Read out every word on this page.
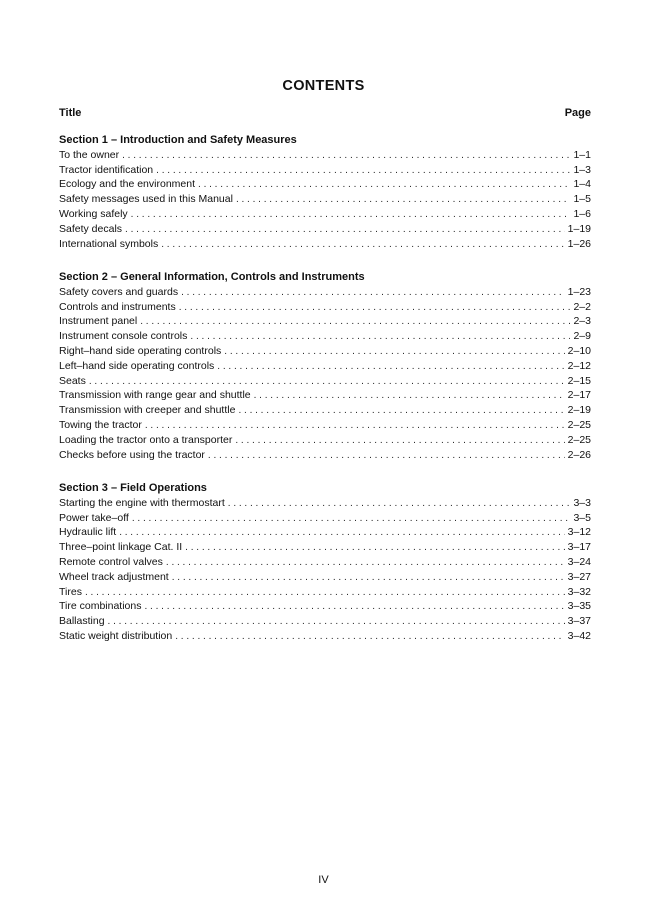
CONTENTS
Title	Page
Section 1 – Introduction and Safety Measures
To the owner . . .	1–1
Tractor identification . . .	1–3
Ecology and the environment . . .	1–4
Safety messages used in this Manual . . .	1–5
Working safely . . .	1–6
Safety decals . . .	1–19
International symbols . . .	1–26
Section 2 – General Information, Controls and Instruments
Safety covers and guards . . .	1–23
Controls and instruments . . .	2–2
Instrument panel . . .	2–3
Instrument console controls . . .	2–9
Right–hand side operating controls . . .	2–10
Left–hand side operating controls . . .	2–12
Seats . . .	2–15
Transmission with range gear and shuttle . . .	2–17
Transmission with creeper and shuttle . . .	2–19
Towing the tractor . . .	2–25
Loading the tractor onto a transporter . . .	2–25
Checks before using the tractor . . .	2–26
Section 3 – Field Operations
Starting the engine with thermostart . . .	3–3
Power take–off . . .	3–5
Hydraulic lift . . .	3–12
Three–point linkage Cat. II . . .	3–17
Remote control valves . . .	3–24
Wheel track adjustment . . .	3–27
Tires . . .	3–32
Tire combinations . . .	3–35
Ballasting . . .	3–37
Static weight distribution . . .	3–42
IV
